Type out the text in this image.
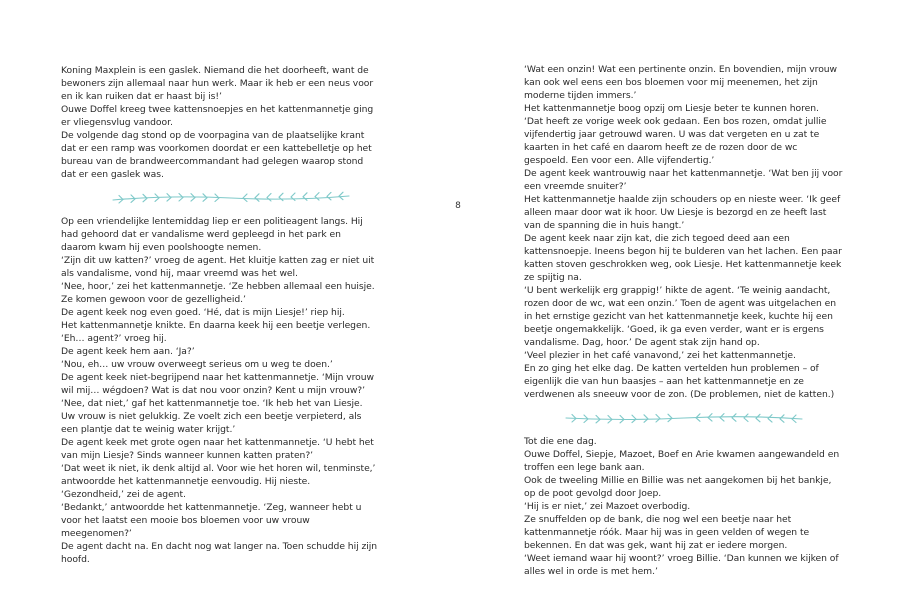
Koning Maxplein is een gaslek. Niemand die het doorheeft, want de bewoners zijn allemaal naar hun werk. Maar ik heb er een neus voor en ik kan ruiken dat er haast bij is!’

Ouwe Doffel kreeg twee kattensnoepjes en het kattenmannetje ging er vliegensvlug vandoor.

De volgende dag stond op de voorpagina van de plaatselijke krant dat er een ramp was voorkomen doordat er een kattebelletje op het bureau van de brandweercommandant had gelegen waarop stond dat er een gaslek was.

Op een vriendelijke lentemiddag liep er een politieagent langs. Hij had gehoord dat er vandalisme werd gepleegd in het park en daarom kwam hij even poolshoogte nemen.

‘Zijn dit uw katten?’ vroeg de agent. Het kluitje katten zag er niet uit als vandalisme, vond hij, maar vreemd was het wel.

‘Nee, hoor,’ zei het kattenmannetje. ‘Ze hebben allemaal een huisje. Ze komen gewoon voor de gezelligheid.’

De agent keek nog even goed. ‘Hé, dat is mijn Liesje!’ riep hij.

Het kattenmannetje knikte. En daarna keek hij een beetje verlegen.

‘Eh… agent?’ vroeg hij.

De agent keek hem aan. ‘Ja?’

‘Nou, eh… uw vrouw overweegt serieus om u weg te doen.’

De agent keek niet-begrijpend naar het kattenmannetje. ‘Mijn vrouw wil mij… wégdoen? Wat is dat nou voor onzin? Kent u mijn vrouw?’

‘Nee, dat niet,’ gaf het kattenmannetje toe. ‘Ik heb het van Liesje. Uw vrouw is niet gelukkig. Ze voelt zich een beetje verpieterd, als een plantje dat te weinig water krijgt.’

De agent keek met grote ogen naar het kattenmannetje. ‘U hebt het van mijn Liesje? Sinds wanneer kunnen katten praten?’

‘Dat weet ik niet, ik denk altijd al. Voor wie het horen wil, tenminste,’ antwoordde het kattenmannetje eenvoudig. Hij nieste.

‘Gezondheid,’ zei de agent.

‘Bedankt,’ antwoordde het kattenmannetje. ‘Zeg, wanneer hebt u voor het laatst een mooie bos bloemen voor uw vrouw meegenomen?’

De agent dacht na. En dacht nog wat langer na. Toen schudde hij zijn hoofd.

8

‘Wat een onzin! Wat een pertinente onzin. En bovendien, mijn vrouw kan ook wel eens een bos bloemen voor mij meenemen, het zijn moderne tijden immers.’

Het kattenmannetje boog opzij om Liesje beter te kunnen horen.

‘Dat heeft ze vorige week ook gedaan. Een bos rozen, omdat jullie vijfendertig jaar getrouwd waren. U was dat vergeten en u zat te kaarten in het café en daarom heeft ze de rozen door de wc gespoeld. Een voor een. Alle vijfendertig.’

De agent keek wantrouwig naar het kattenmannetje. ‘Wat ben jij voor een vreemde snuiter?’

Het kattenmannetje haalde zijn schouders op en nieste weer. ‘Ik geef alleen maar door wat ik hoor. Uw Liesje is bezorgd en ze heeft last van de spanning die in huis hangt.’

De agent keek naar zijn kat, die zich tegoed deed aan een kattensnoepje. Ineens begon hij te bulderen van het lachen. Een paar katten stoven geschrokken weg, ook Liesje. Het kattenmannetje keek ze spijtig na.

‘U bent werkelijk erg grappig!’ hikte de agent. ‘Te weinig aandacht, rozen door de wc, wat een onzin.’ Toen de agent was uitgelachen en in het ernstige gezicht van het kattenmannetje keek, kuchte hij een beetje ongemakkelijk. ‘Goed, ik ga even verder, want er is ergens vandalisme. Dag, hoor.’ De agent stak zijn hand op.

‘Veel plezier in het café vanavond,’ zei het kattenmannetje.

En zo ging het elke dag. De katten vertelden hun problemen – of eigenlijk die van hun baasjes – aan het kattenmannetje en ze verdwenen als sneeuw voor de zon. (De problemen, niet de katten.)

Tot die ene dag.

Ouwe Doffel, Siepje, Mazoet, Boef en Arie kwamen aangewandeld en troffen een lege bank aan.

Ook de tweeling Millie en Billie was net aangekomen bij het bankje, op de poot gevolgd door Joep.

‘Hij is er niet,’ zei Mazoet overbodig.

Ze snuffelden op de bank, die nog wel een beetje naar het kattenmannetje róók. Maar hij was in geen velden of wegen te bekennen. En dat was gek, want hij zat er iedere morgen.

‘Weet iemand waar hij woont?’ vroeg Billie. ‘Dan kunnen we kijken of alles wel in orde is met hem.’
